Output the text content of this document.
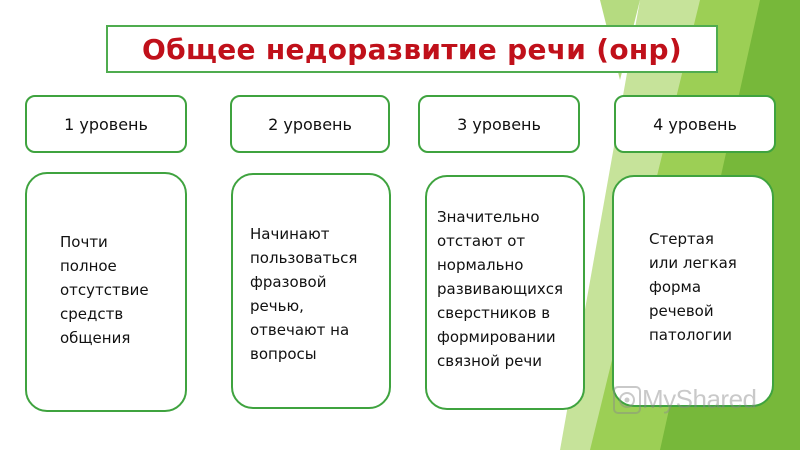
Общее недоразвитие речи (онр)
1 уровень	2 уровень	3 уровень	4 уровень
Почти
полное
отсутствие
средств
общения
Начинают
пользоваться
фразовой
речью,
отвечают на
вопросы
Значительно
отстают от
нормально
развивающихся
сверстников в
формировании
связной речи
Стертая
или легкая
форма
речевой
патологии
MyShared
